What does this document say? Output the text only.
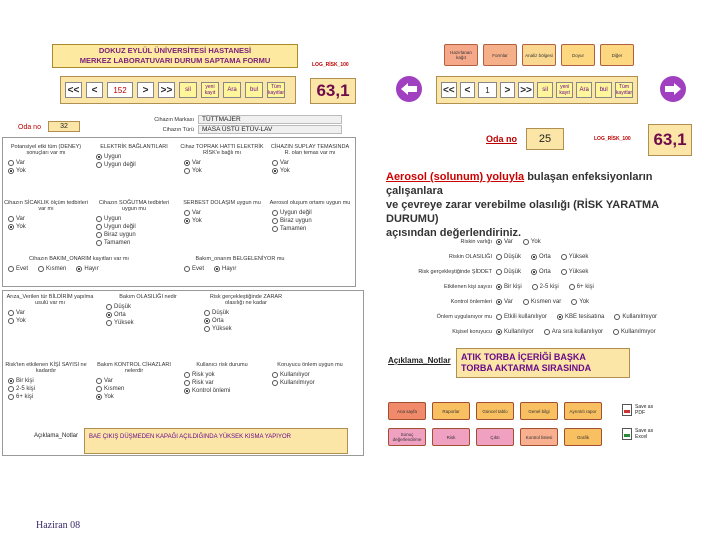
DOKUZ EYLÜL ÜNİVERSİTESİ HASTANESİ
MERKEZ LABORATUVARI DURUM SAPTAMA FORMU	LOG_RİSK_100
<<	<	152	>	>>	sil	yeni kayıt	Ara	bul	Tüm kayıtlar	63,1
Oda no	32
Cihazın Markası	TÜTTMAJER
Cihazın Türü	MASA ÜSTÜ ETÜV-LAV
Potansiyel etki tüm (DENEY) sonuçları var mı
Var
Yok
ELEKTRİK BAĞLANTILARI
Uygun
Uygun değil
Cihaz TOPRAK HATTI ELEKTRİK RİSK'e bağlı mı
Var
Yok
CİHAZIN SUPLAY TEMASINDA R. olan temas var mı
Var
Yok
Cihazın SİCAKLIK ölçüm tedbirleri var mı
Var
Yok
Cihazın SOĞUTMA tedbirleri uygun mu
Uygun
Uygun değil
Biraz uygun
Tamamen
SERBEST DOLAŞIM uygun mu
Var
Yok
Aerosol oluşum ortamı uygun mu
Uygun değil
Biraz uygun
Tamamen
Cihazın BAKIM_ONARIM kayıtları var mı
Evet	Kısmen	Hayır
Bakım_onarım BELGELENİYOR mu
Evet	Hayır
Arıza_Verilen tür BİLDİRİM yapılma usulü var mı
Var
Yok
Bakım OLASILIĞI nedir
Düşük
Orta
Yüksek
Risk gerçekleştiğinde ZARAR olasılığı ne kadar
Düşük
Orta
Yüksek
Risk'ten etkilenen KİŞİ SAYISI ne kadardır
Bir kişi
2-5 kişi
6+ kişi
Bakım KONTROL CİHAZLARI nelerdir
Var
Kısmen
Yok
Kullanıcı risk durumu
Risk yok
Risk var
Kontrol önlemi
Koruyucu önlem uygun mu
Kullanılıyor
Kullanılmıyor
Açıklama_Notlar	BAE ÇIKIŞ DÜŞMEDEN KAPAĞI AÇILDIĞINDA YÜKSEK KISMA YAPIYOR
Haziran 08
Hazırlanan kağıt	Formlar	Analiz bölgesi	Doyur	Diğer
<< <	1	> >>	sil	yeni kayıt	Ara	bul	Tüm kayıtlar
Oda no	25	LOG_RİSK_100	63,1
Aerosol (solunum) yoluyla bulaşan enfeksiyonların çalışanlara
ve çevreye zarar verebilme olasılığı (RİSK YARATMA DURUMU)
açısından değerlendiriniz.
Riskin varlığı Var	Yok
Riskin OLASILIĞI Düşük	Orta	Yüksek
Risk gerçekleştiğinde ŞİDDET Düşük	Orta	Yüksek
Etkilenen kişi sayısı Bir kişi	2-5 kişi	6+ kişi
Kontrol önlemleri Var	Kısmen var	Yok
Önlem uygulanıyor mu Etkili kullanılıyor	KBE tesisatına	Kullanılmıyor
Kişisel koruyucu Kullanılıyor	Ara sıra kullanılıyor	Kullanılmıyor
Açıklama_Notlar ATIK TORBA İÇERİĞİ BAŞKA
TORBA AKTARMA SIRASINDA
Ana sayfa	Raporlar	Güncel tablo	Genel bilgi	Ayrıntılı rapor
Sonuç değerlendirme	Risk	Çıktı	Kontrol listesi	Grafik
Save as PDF
Save as Excel
